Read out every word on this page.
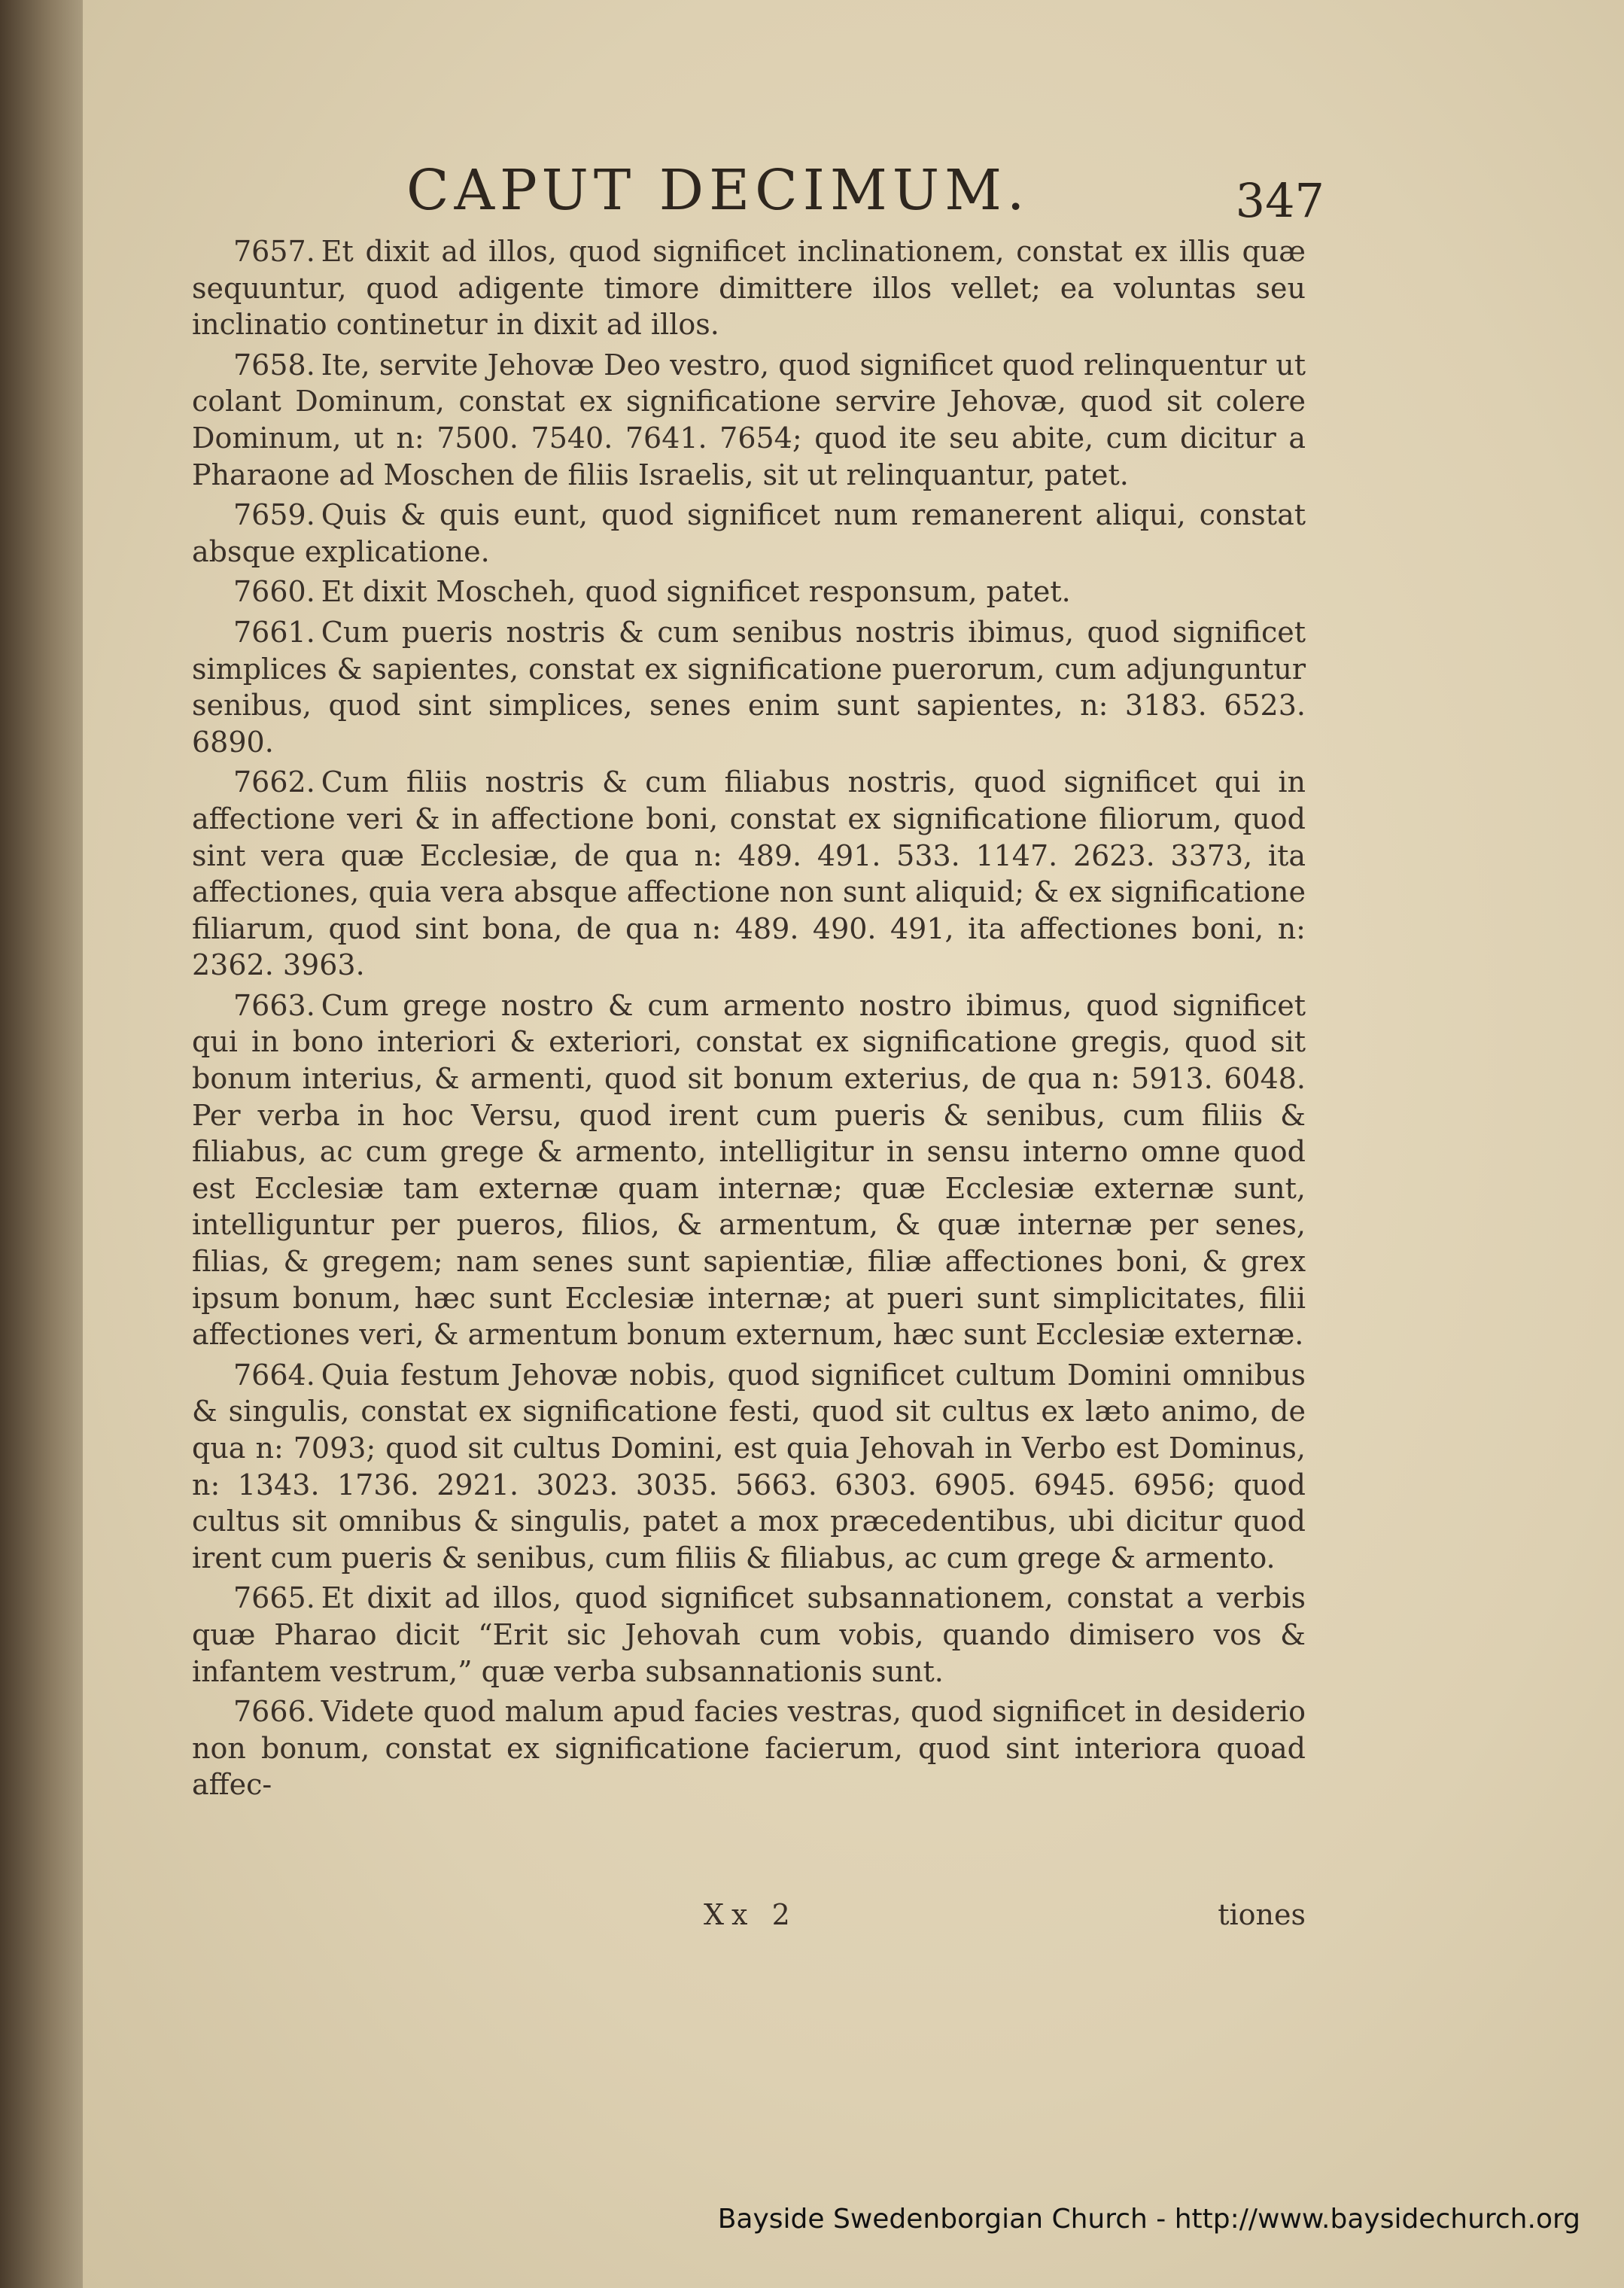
CAPUT DECIMUM.	347

7657. Et dixit ad illos, quod significet inclinationem, constat ex illis quæ sequuntur, quod adigente timore dimittere illos vellet; ea voluntas seu inclinatio continetur in dixit ad illos.

7658. Ite, servite Jehovæ Deo vestro, quod significet quod relinquentur ut colant Dominum, constat ex significatione servire Jehovæ, quod sit colere Dominum, ut n: 7500. 7540. 7641. 7654; quod ite seu abite, cum dicitur a Pharaone ad Moschen de filiis Israelis, sit ut relinquantur, patet.

7659. Quis & quis eunt, quod significet num remanerent aliqui, constat absque explicatione.

7660. Et dixit Moscheh, quod significet responsum, patet.

7661. Cum pueris nostris & cum senibus nostris ibimus, quod significet simplices & sapientes, constat ex significatione puerorum, cum adjunguntur senibus, quod sint simplices, senes enim sunt sapientes, n: 3183. 6523. 6890.

7662. Cum filiis nostris & cum filiabus nostris, quod significet qui in affectione veri & in affectione boni, constat ex significatione filiorum, quod sint vera quæ Ecclesiæ, de qua n: 489. 491. 533. 1147. 2623. 3373, ita affectiones, quia vera absque affectione non sunt aliquid; & ex significatione filiarum, quod sint bona, de qua n: 489. 490. 491, ita affectiones boni, n: 2362. 3963.

7663. Cum grege nostro & cum armento nostro ibimus, quod significet qui in bono interiori & exteriori, constat ex significatione gregis, quod sit bonum interius, & armenti, quod sit bonum exterius, de qua n: 5913. 6048. Per verba in hoc Versu, quod irent cum pueris & senibus, cum filiis & filiabus, ac cum grege & armento, intelligitur in sensu interno omne quod est Ecclesiæ tam externæ quam internæ; quæ Ecclesiæ externæ sunt, intelliguntur per pueros, filios, & armentum, & quæ internæ per senes, filias, & gregem; nam senes sunt sapientiæ, filiæ affectiones boni, & grex ipsum bonum, hæc sunt Ecclesiæ internæ; at pueri sunt simplicitates, filii affectiones veri, & armentum bonum externum, hæc sunt Ecclesiæ externæ.

7664. Quia festum Jehovæ nobis, quod significet cultum Domini omnibus & singulis, constat ex significatione festi, quod sit cultus ex læto animo, de qua n: 7093; quod sit cultus Domini, est quia Jehovah in Verbo est Dominus, n: 1343. 1736. 2921. 3023. 3035. 5663. 6303. 6905. 6945. 6956; quod cultus sit omnibus & singulis, patet a mox præcedentibus, ubi dicitur quod irent cum pueris & senibus, cum filiis & filiabus, ac cum grege & armento.

7665. Et dixit ad illos, quod significet subsannationem, constat a verbis quæ Pharao dicit “Erit sic Jehovah cum vobis, quando dimisero vos & infantem vestrum,” quæ verba subsannationis sunt.

7666. Videte quod malum apud facies vestras, quod significet in desiderio non bonum, constat ex significatione facierum, quod sint interiora quoad affec-

Xx 2	tiones
Bayside Swedenborgian Church - http://www.baysidechurch.org
